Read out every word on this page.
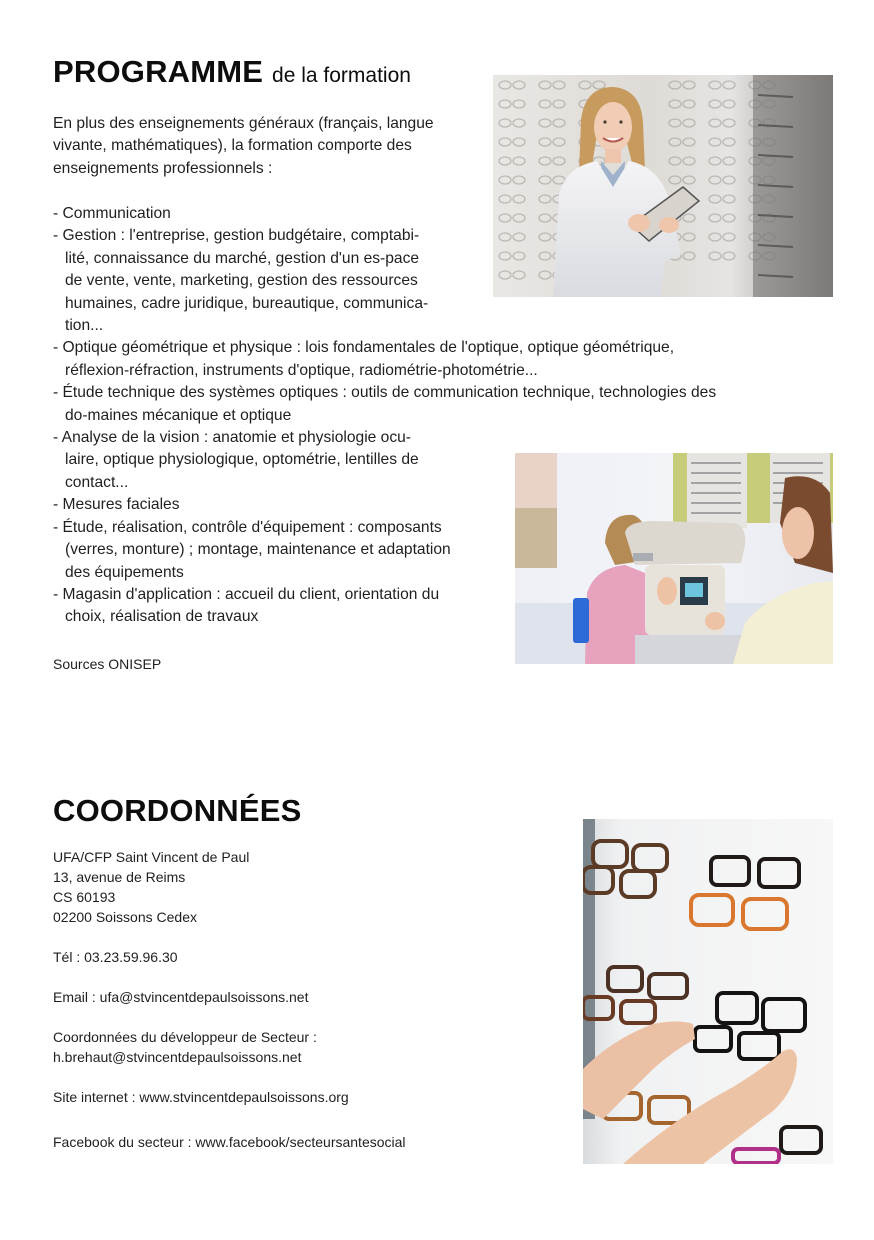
PROGRAMME de la formation
En plus des enseignements généraux (français, langue
vivante, mathématiques), la formation comporte des
enseignements professionnels :
- Communication
- Gestion : l'entreprise, gestion budgétaire, comptabi-
lité, connaissance du marché, gestion d'un es-pace
de vente, vente, marketing, gestion des ressources
humaines, cadre juridique, bureautique, communica-
tion...
- Optique géométrique et physique : lois fondamentales de l'optique, optique géométrique,
réflexion-réfraction, instruments d'optique, radiométrie-photométrie...
- Étude technique des systèmes optiques : outils de communication technique, technologies des
do-maines mécanique et optique
- Analyse de la vision : anatomie et physiologie ocu-
laire, optique physiologique, optométrie, lentilles de
contact...
- Mesures faciales
- Étude, réalisation, contrôle d'équipement : composants
(verres, monture) ; montage, maintenance et adaptation
des équipements
- Magasin d'application : accueil du client, orientation du
choix, réalisation de travaux
Sources ONISEP
COORDONNÉES
UFA/CFP Saint Vincent de Paul
13, avenue de Reims
CS 60193
02200 Soissons Cedex
Tél : 03.23.59.96.30
Email : ufa@stvincentdepaulsoissons.net
Coordonnées du développeur de Secteur :
h.brehaut@stvincentdepaulsoissons.net
Site internet : www.stvincentdepaulsoissons.org
Facebook du secteur : www.facebook/secteursantesocial
